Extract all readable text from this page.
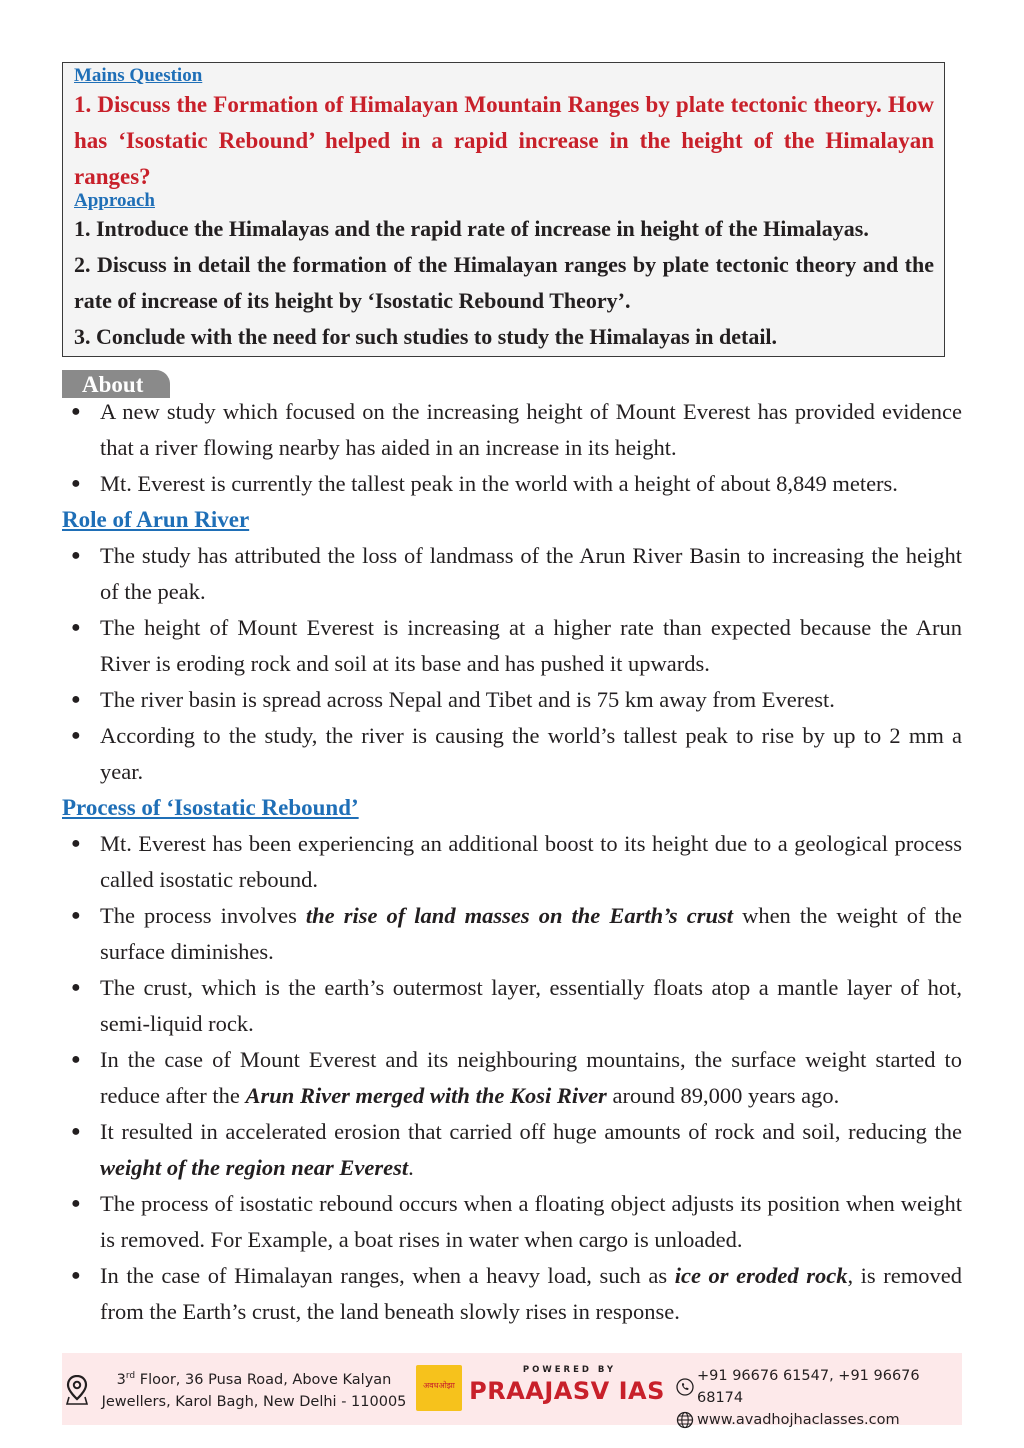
Mains Question
1. Discuss the Formation of Himalayan Mountain Ranges by plate tectonic theory. How has ‘Isostatic Rebound’ helped in a rapid increase in the height of the Himalayan ranges?
Approach
1. Introduce the Himalayas and the rapid rate of increase in height of the Himalayas.
2. Discuss in detail the formation of the Himalayan ranges by plate tectonic theory and the rate of increase of its height by ‘Isostatic Rebound Theory’.
3. Conclude with the need for such studies to study the Himalayas in detail.
About
● A new study which focused on the increasing height of Mount Everest has provided evidence that a river flowing nearby has aided in an increase in its height.
● Mt. Everest is currently the tallest peak in the world with a height of about 8,849 meters.
Role of Arun River
● The study has attributed the loss of landmass of the Arun River Basin to increasing the height of the peak.
● The height of Mount Everest is increasing at a higher rate than expected because the Arun River is eroding rock and soil at its base and has pushed it upwards.
● The river basin is spread across Nepal and Tibet and is 75 km away from Everest.
● According to the study, the river is causing the world’s tallest peak to rise by up to 2 mm a year.
Process of ‘Isostatic Rebound’
● Mt. Everest has been experiencing an additional boost to its height due to a geological process called isostatic rebound.
● The process involves the rise of land masses on the Earth’s crust when the weight of the surface diminishes.
● The crust, which is the earth’s outermost layer, essentially floats atop a mantle layer of hot, semi-liquid rock.
● In the case of Mount Everest and its neighbouring mountains, the surface weight started to reduce after the Arun River merged with the Kosi River around 89,000 years ago.
● It resulted in accelerated erosion that carried off huge amounts of rock and soil, reducing the weight of the region near Everest.
● The process of isostatic rebound occurs when a floating object adjusts its position when weight is removed. For Example, a boat rises in water when cargo is unloaded.
● In the case of Himalayan ranges, when a heavy load, such as ice or eroded rock, is removed from the Earth’s crust, the land beneath slowly rises in response.
3rd Floor, 36 Pusa Road, Above Kalyan
Jewellers, Karol Bagh, New Delhi - 110005
अवधओझा
POWERED BY
PRAAJASV IAS
+91 96676 61547, +91 96676 68174
www.avadhojhaclasses.com
